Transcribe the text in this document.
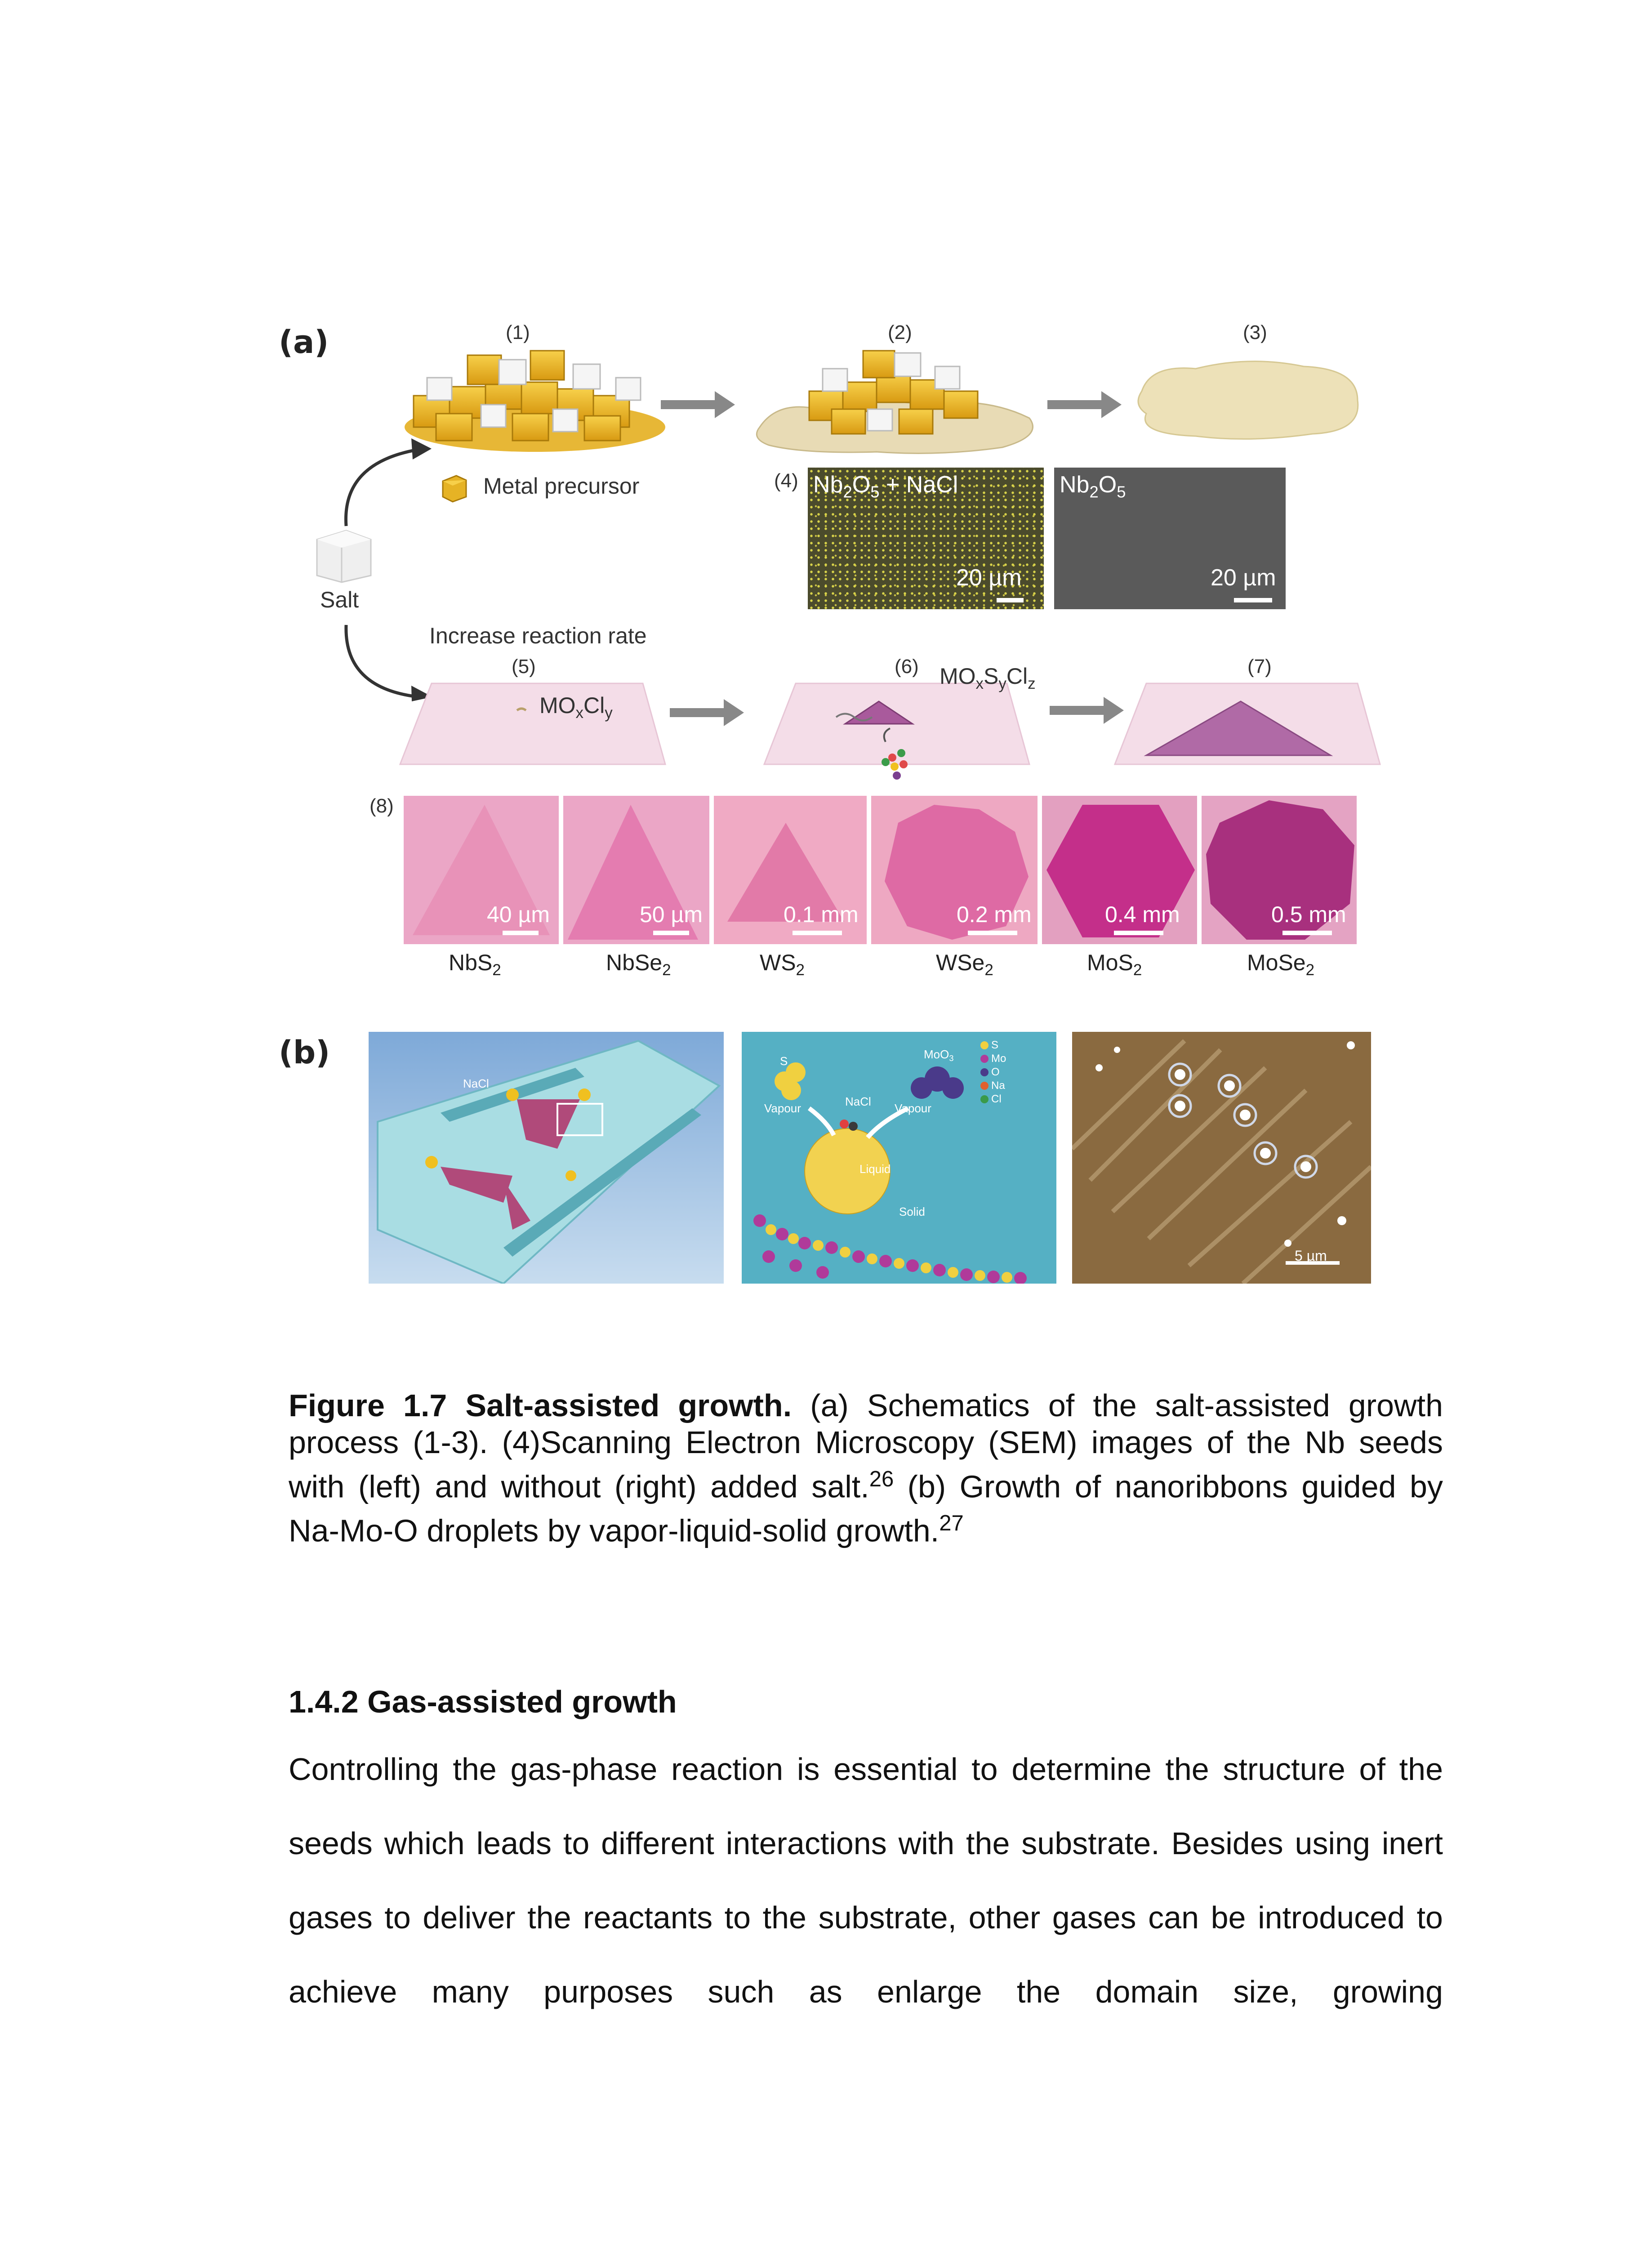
(a)	(1)	(2)	(3)
Metal precursor
Salt
(4) $Nb_2O_5$ + NaCl
20 µm
$Nb_2O_5$
20 µm
Increase reaction rate
(5)	(6)	(7)
$MO_xCl_y$
$MO_xS_yCl_z$
(8)
40 µm	50 µm	0.1 mm	0.2 mm	0.4 mm	0.5 mm
NbS$_2$	NbSe$_2$	$WS_2$	WSe$_2$	MoS$_2$	MoSe$_2$
(b)
NaCl
S	MoO$_3$
Vapour	NaCl Vapour
Liquid
Solid
S
Mo
O
Na
Cl
5 µm
Figure 1.7 Salt-assisted growth. (a) Schematics of the salt-assisted growth process (1-3). (4)Scanning Electron Microscopy (SEM) images of the Nb seeds with (left) and without (right) added salt.$^{26}$ (b) Growth of nanoribbons guided by Na-Mo-O droplets by vapor-liquid-solid growth.$^{27}$
1.4.2 Gas-assisted growth
Controlling the gas-phase reaction is essential to determine the structure of the
seeds which leads to different interactions with the substrate. Besides using inert
gases to deliver the reactants to the substrate, other gases can be introduced to
achieve many purposes such as enlarge the domain size, growing
